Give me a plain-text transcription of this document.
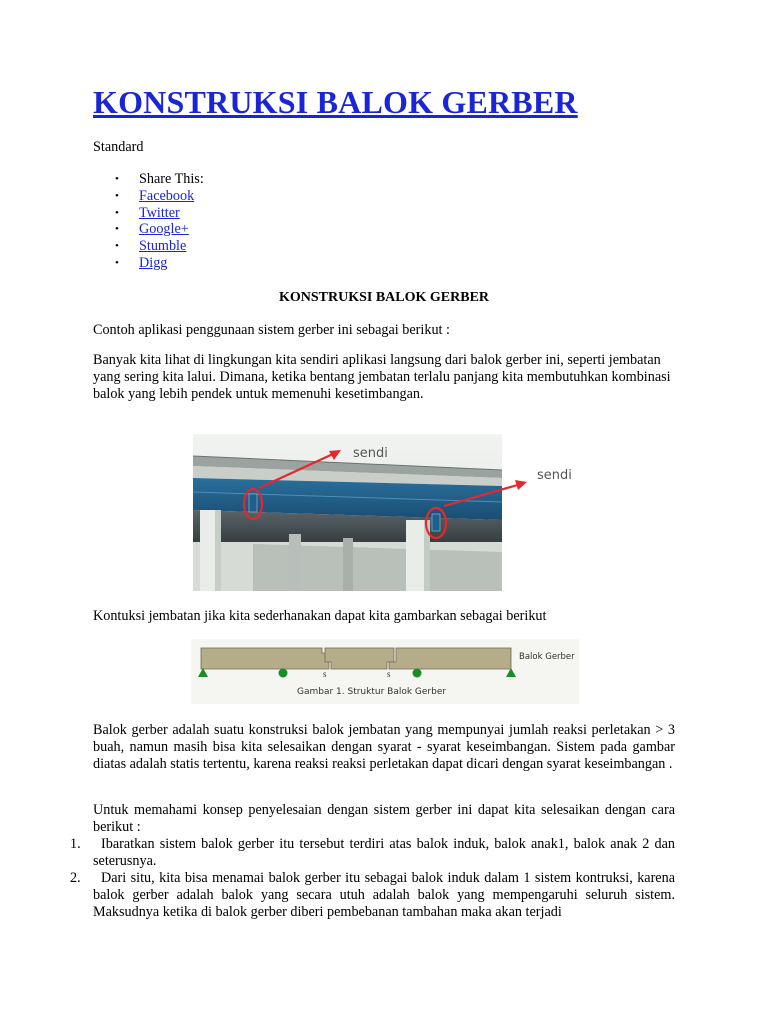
KONSTRUKSI BALOK GERBER

Standard

• Share This:
• Facebook
• Twitter
• Google+
• Stumble
• Digg

KONSTRUKSI BALOK GERBER

Contoh aplikasi penggunaan sistem gerber ini sebagai berikut :

Banyak kita lihat di lingkungan kita sendiri aplikasi langsung dari balok gerber ini, seperti jembatan yang sering kita lalui. Dimana, ketika bentang jembatan terlalu panjang kita membutuhkan kombinasi balok yang lebih pendek untuk memenuhi kesetimbangan.

sendi
sendi

Kontuksi jembatan jika kita sederhanakan dapat kita gambarkan sebagai berikut

Balok Gerber
s	s
Gambar 1. Struktur Balok Gerber

Balok gerber adalah suatu konstruksi balok jembatan yang mempunyai jumlah reaksi perletakan > 3 buah, namun masih bisa kita selesaikan dengan syarat - syarat keseimbangan. Sistem pada gambar diatas adalah statis tertentu, karena reaksi reaksi perletakan dapat dicari dengan syarat keseimbangan .

Untuk memahami konsep penyelesaian dengan sistem gerber ini dapat kita selesaikan dengan cara berikut :

1.	Ibaratkan sistem balok gerber itu tersebut terdiri atas balok induk, balok anak1, balok anak 2 dan seterusnya.

2.	Dari situ, kita bisa menamai balok gerber itu sebagai balok induk dalam 1 sistem kontruksi, karena balok gerber adalah balok yang secara utuh adalah balok yang mempengaruhi seluruh sistem. Maksudnya ketika di balok gerber diberi pembebanan tambahan maka akan terjadi
